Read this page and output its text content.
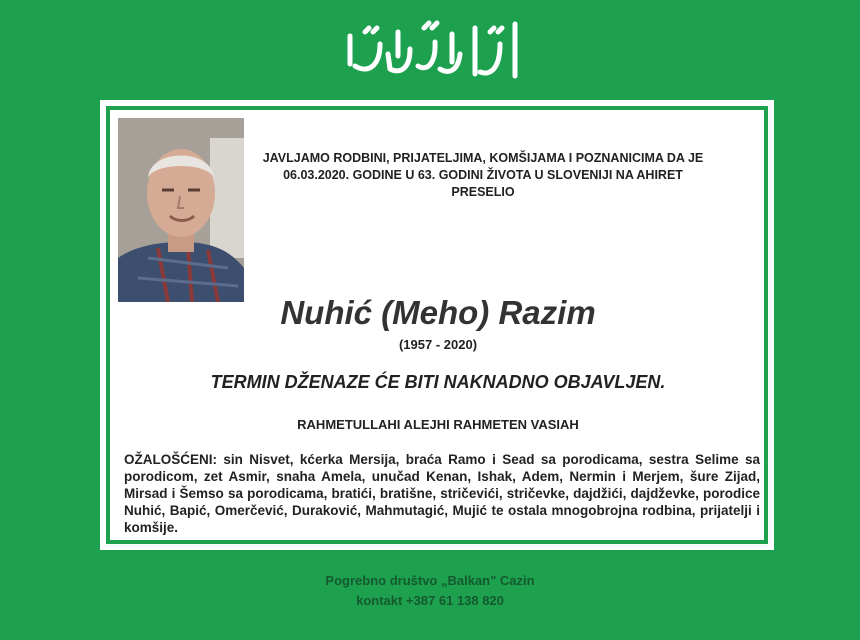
JAVLJAMO RODBINI, PRIJATELJIMA, KOMŠIJAMA I POZNANICIMA DA JE 06.03.2020. GODINE U 63. GODINI ŽIVOTA U SLOVENIJI NA AHIRET PRESELIO
Nuhić (Meho) Razim
(1957 - 2020)
TERMIN DŽENAZE ĆE BITI NAKNADNO OBJAVLJEN.
RAHMETULLAHI ALEJHI RAHMETEN VASIAH
OŽALOŠĆENI: sin Nisvet, kćerka Mersija, braća Ramo i Sead sa porodicama, sestra Selime sa porodicom, zet Asmir, snaha Amela, unučad Kenan, Ishak, Adem, Nermin i Merjem, šure Zijad, Mirsad i Šemso sa porodicama, bratići, bratišne, stričevići, stričevke, dajdžići, dajdževke, porodice Nuhić, Bapić, Omerčević, Duraković, Mahmutagić, Mujić te ostala mnogobrojna rodbina, prijatelji i komšije.
Pogrebno društvo „Balkan" Cazin
kontakt +387 61 138 820
